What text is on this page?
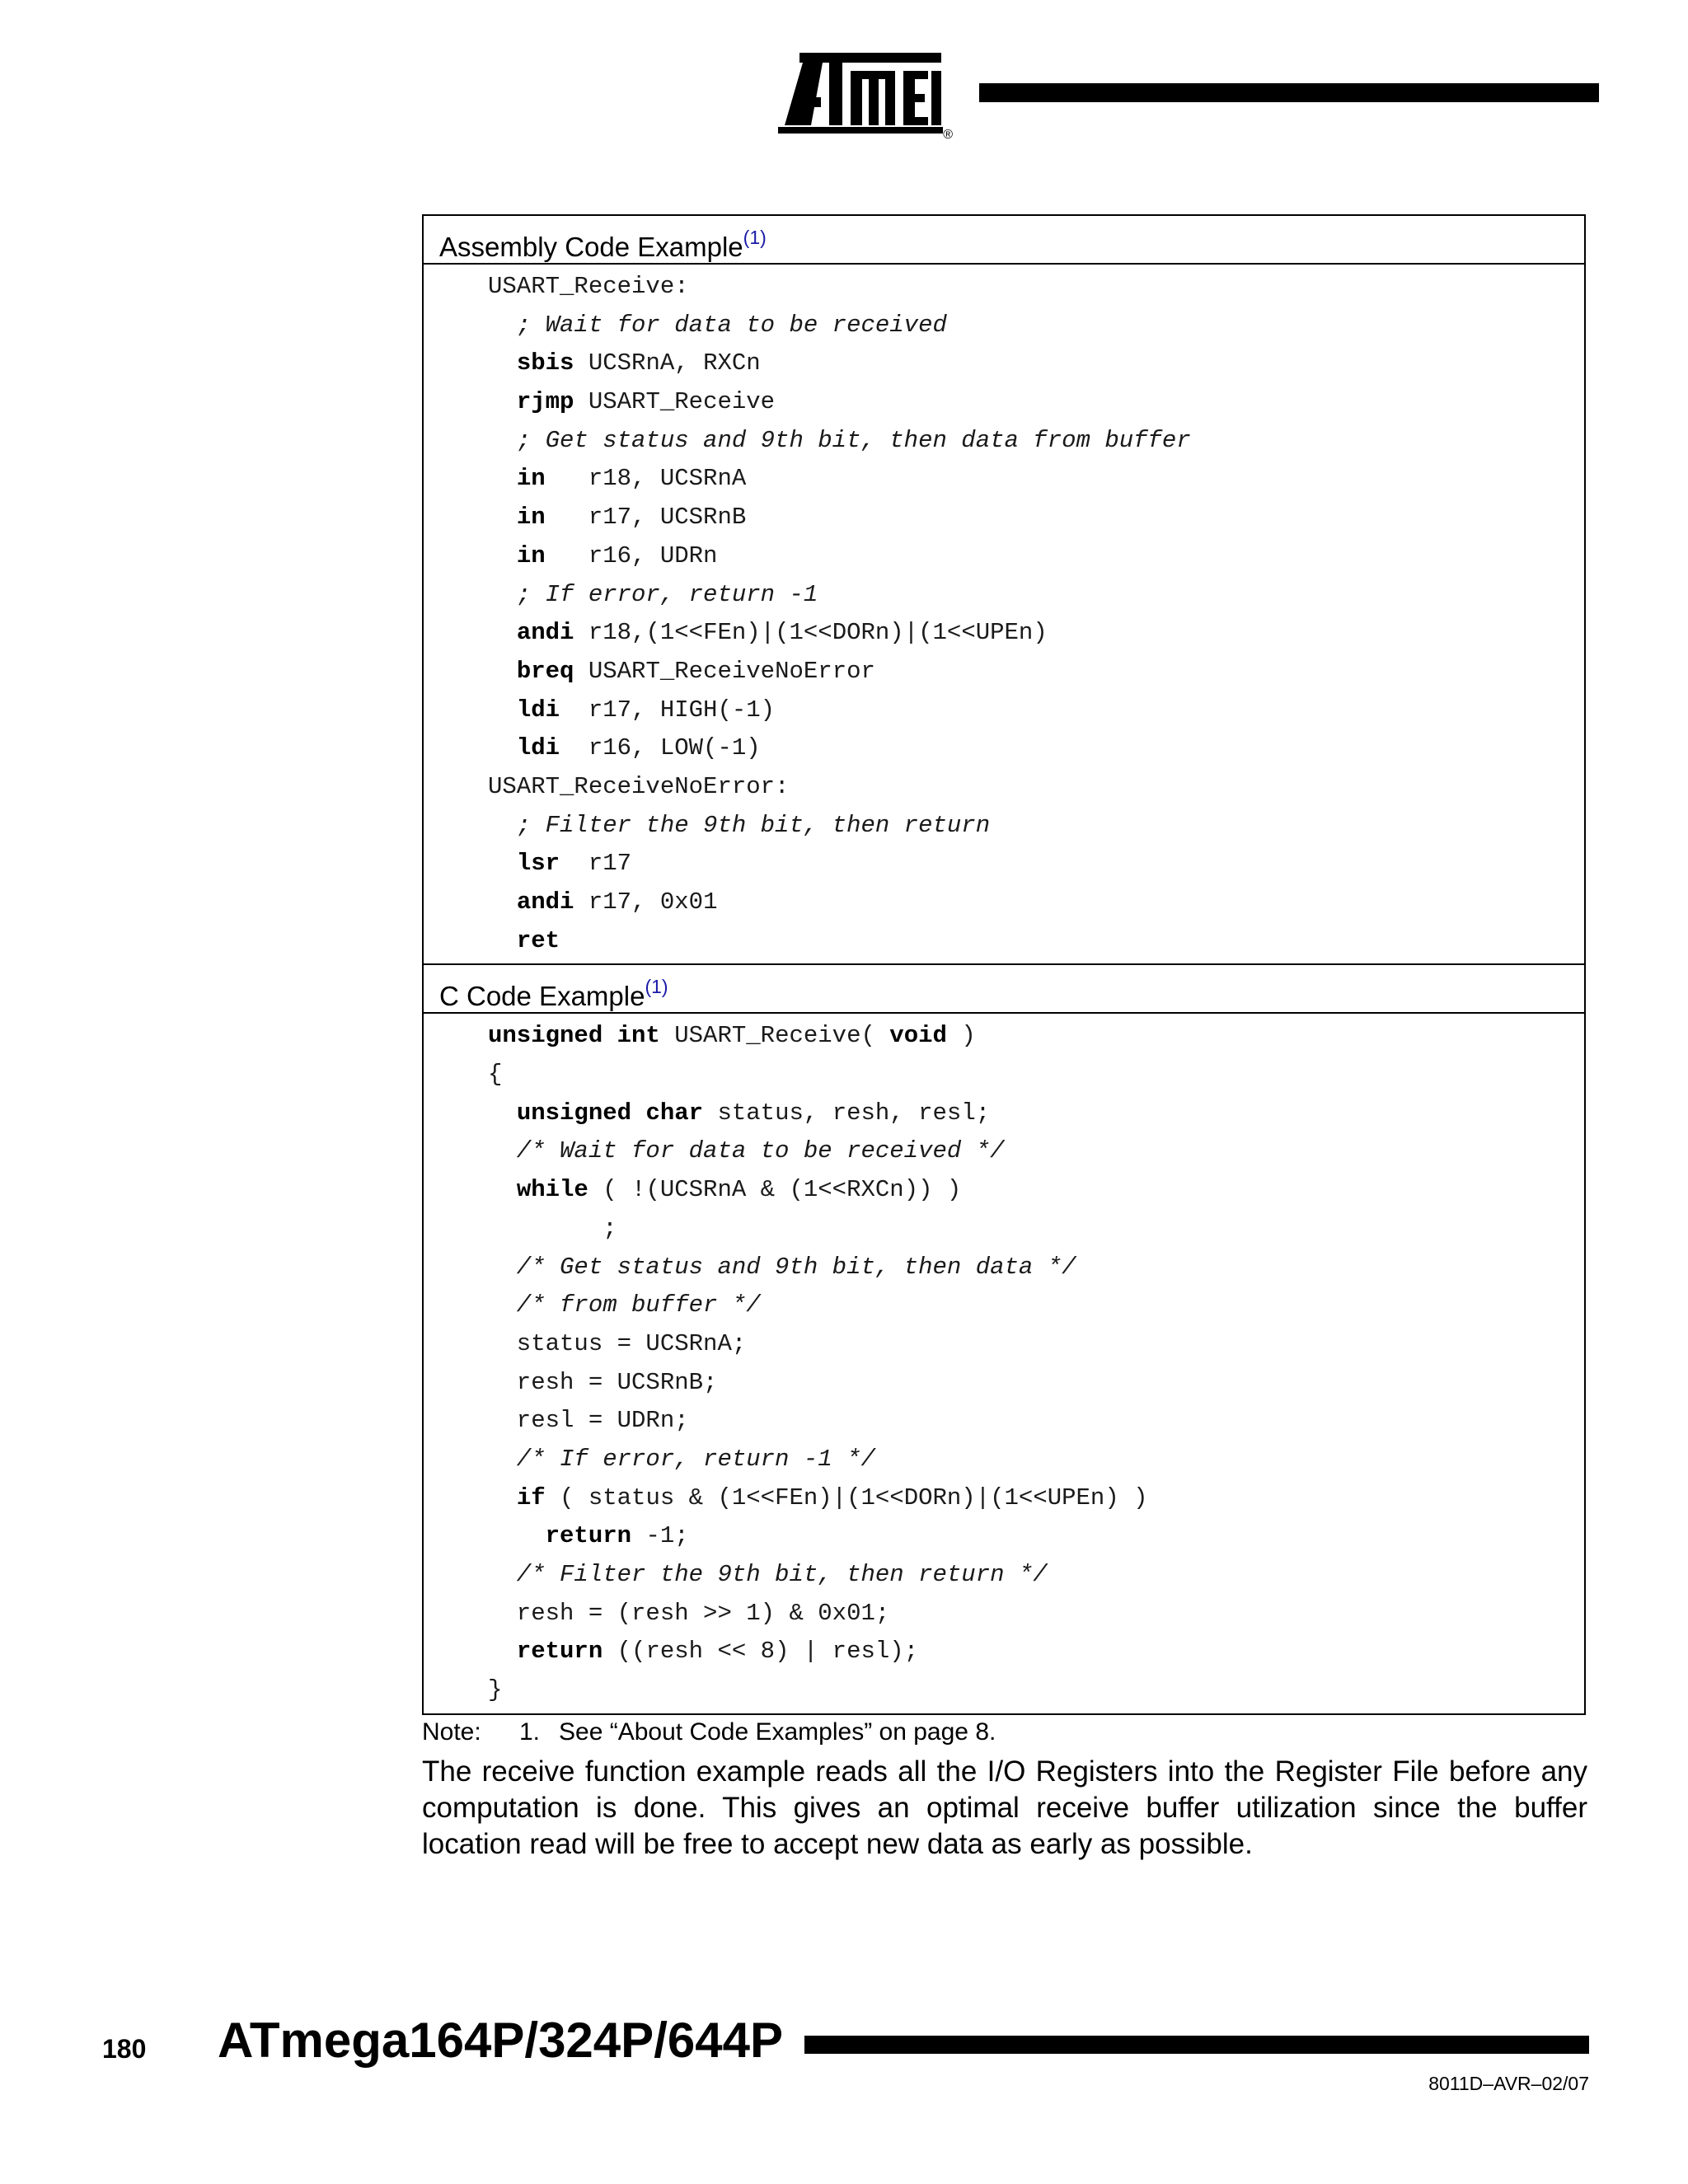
®
Assembly Code Example$^{(1)}$
USART_Receive:
; Wait for data to be received
sbis UCSRnA, RXCn
rjmp USART_Receive
; Get status and 9th bit, then data from buffer
in   r18, UCSRnA
in   r17, UCSRnB
in   r16, UDRn
; If error, return -1
andi r18,(1<<FEn)|(1<<DORn)|(1<<UPEn)
breq USART_ReceiveNoError
ldi  r17, HIGH(-1)
ldi  r16, LOW(-1)
USART_ReceiveNoError:
; Filter the 9th bit, then return
lsr  r17
andi r17, 0x01
ret
C Code Example$^{(1)}$
unsigned int USART_Receive( void )
{
unsigned char status, resh, resl;
/* Wait for data to be received */
while ( !(UCSRnA & (1<<RXCn)) )
;
/* Get status and 9th bit, then data */
/* from buffer */
status = UCSRnA;
resh = UCSRnB;
resl = UDRn;
/* If error, return -1 */
if ( status & (1<<FEn)|(1<<DORn)|(1<<UPEn) )
return -1;
/* Filter the 9th bit, then return */
resh = (resh >> 1) & 0x01;
return ((resh << 8) | resl);
}
Note: 1. See “About Code Examples” on page 8.
The receive function example reads all the I/O Registers into the Register File before any computation is done. This gives an optimal receive buffer utilization since the buffer location read will be free to accept new data as early as possible.
180 ATmega164P/324P/644P
8011D–AVR–02/07
